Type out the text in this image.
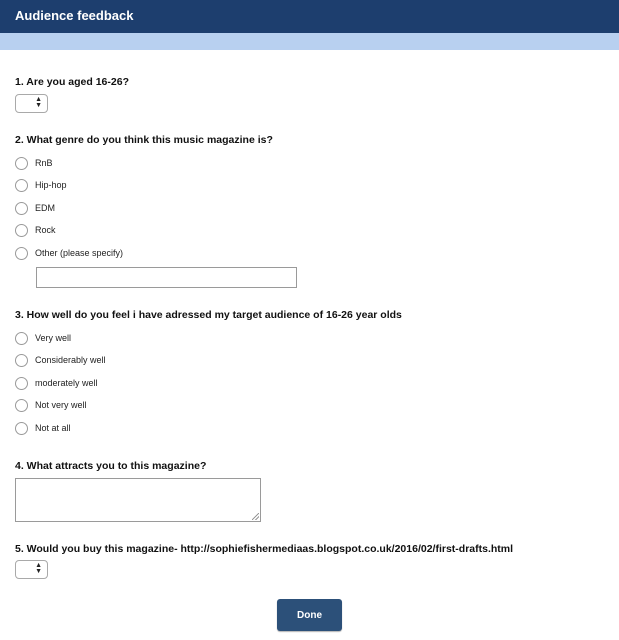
Audience feedback
1. Are you aged 16-26?
▲
▼
2. What genre do you think this music magazine is?
RnB
Hip-hop
EDM
Rock
Other (please specify)
3. How well do you feel i have adressed my target audience of 16-26 year olds
Very well
Considerably well
moderately well
Not very well
Not at all
4. What attracts you to this magazine?
5. Would you buy this magazine- http://sophiefishermediaas.blogspot.co.uk/2016/02/first-drafts.html
▲
▼
Done
